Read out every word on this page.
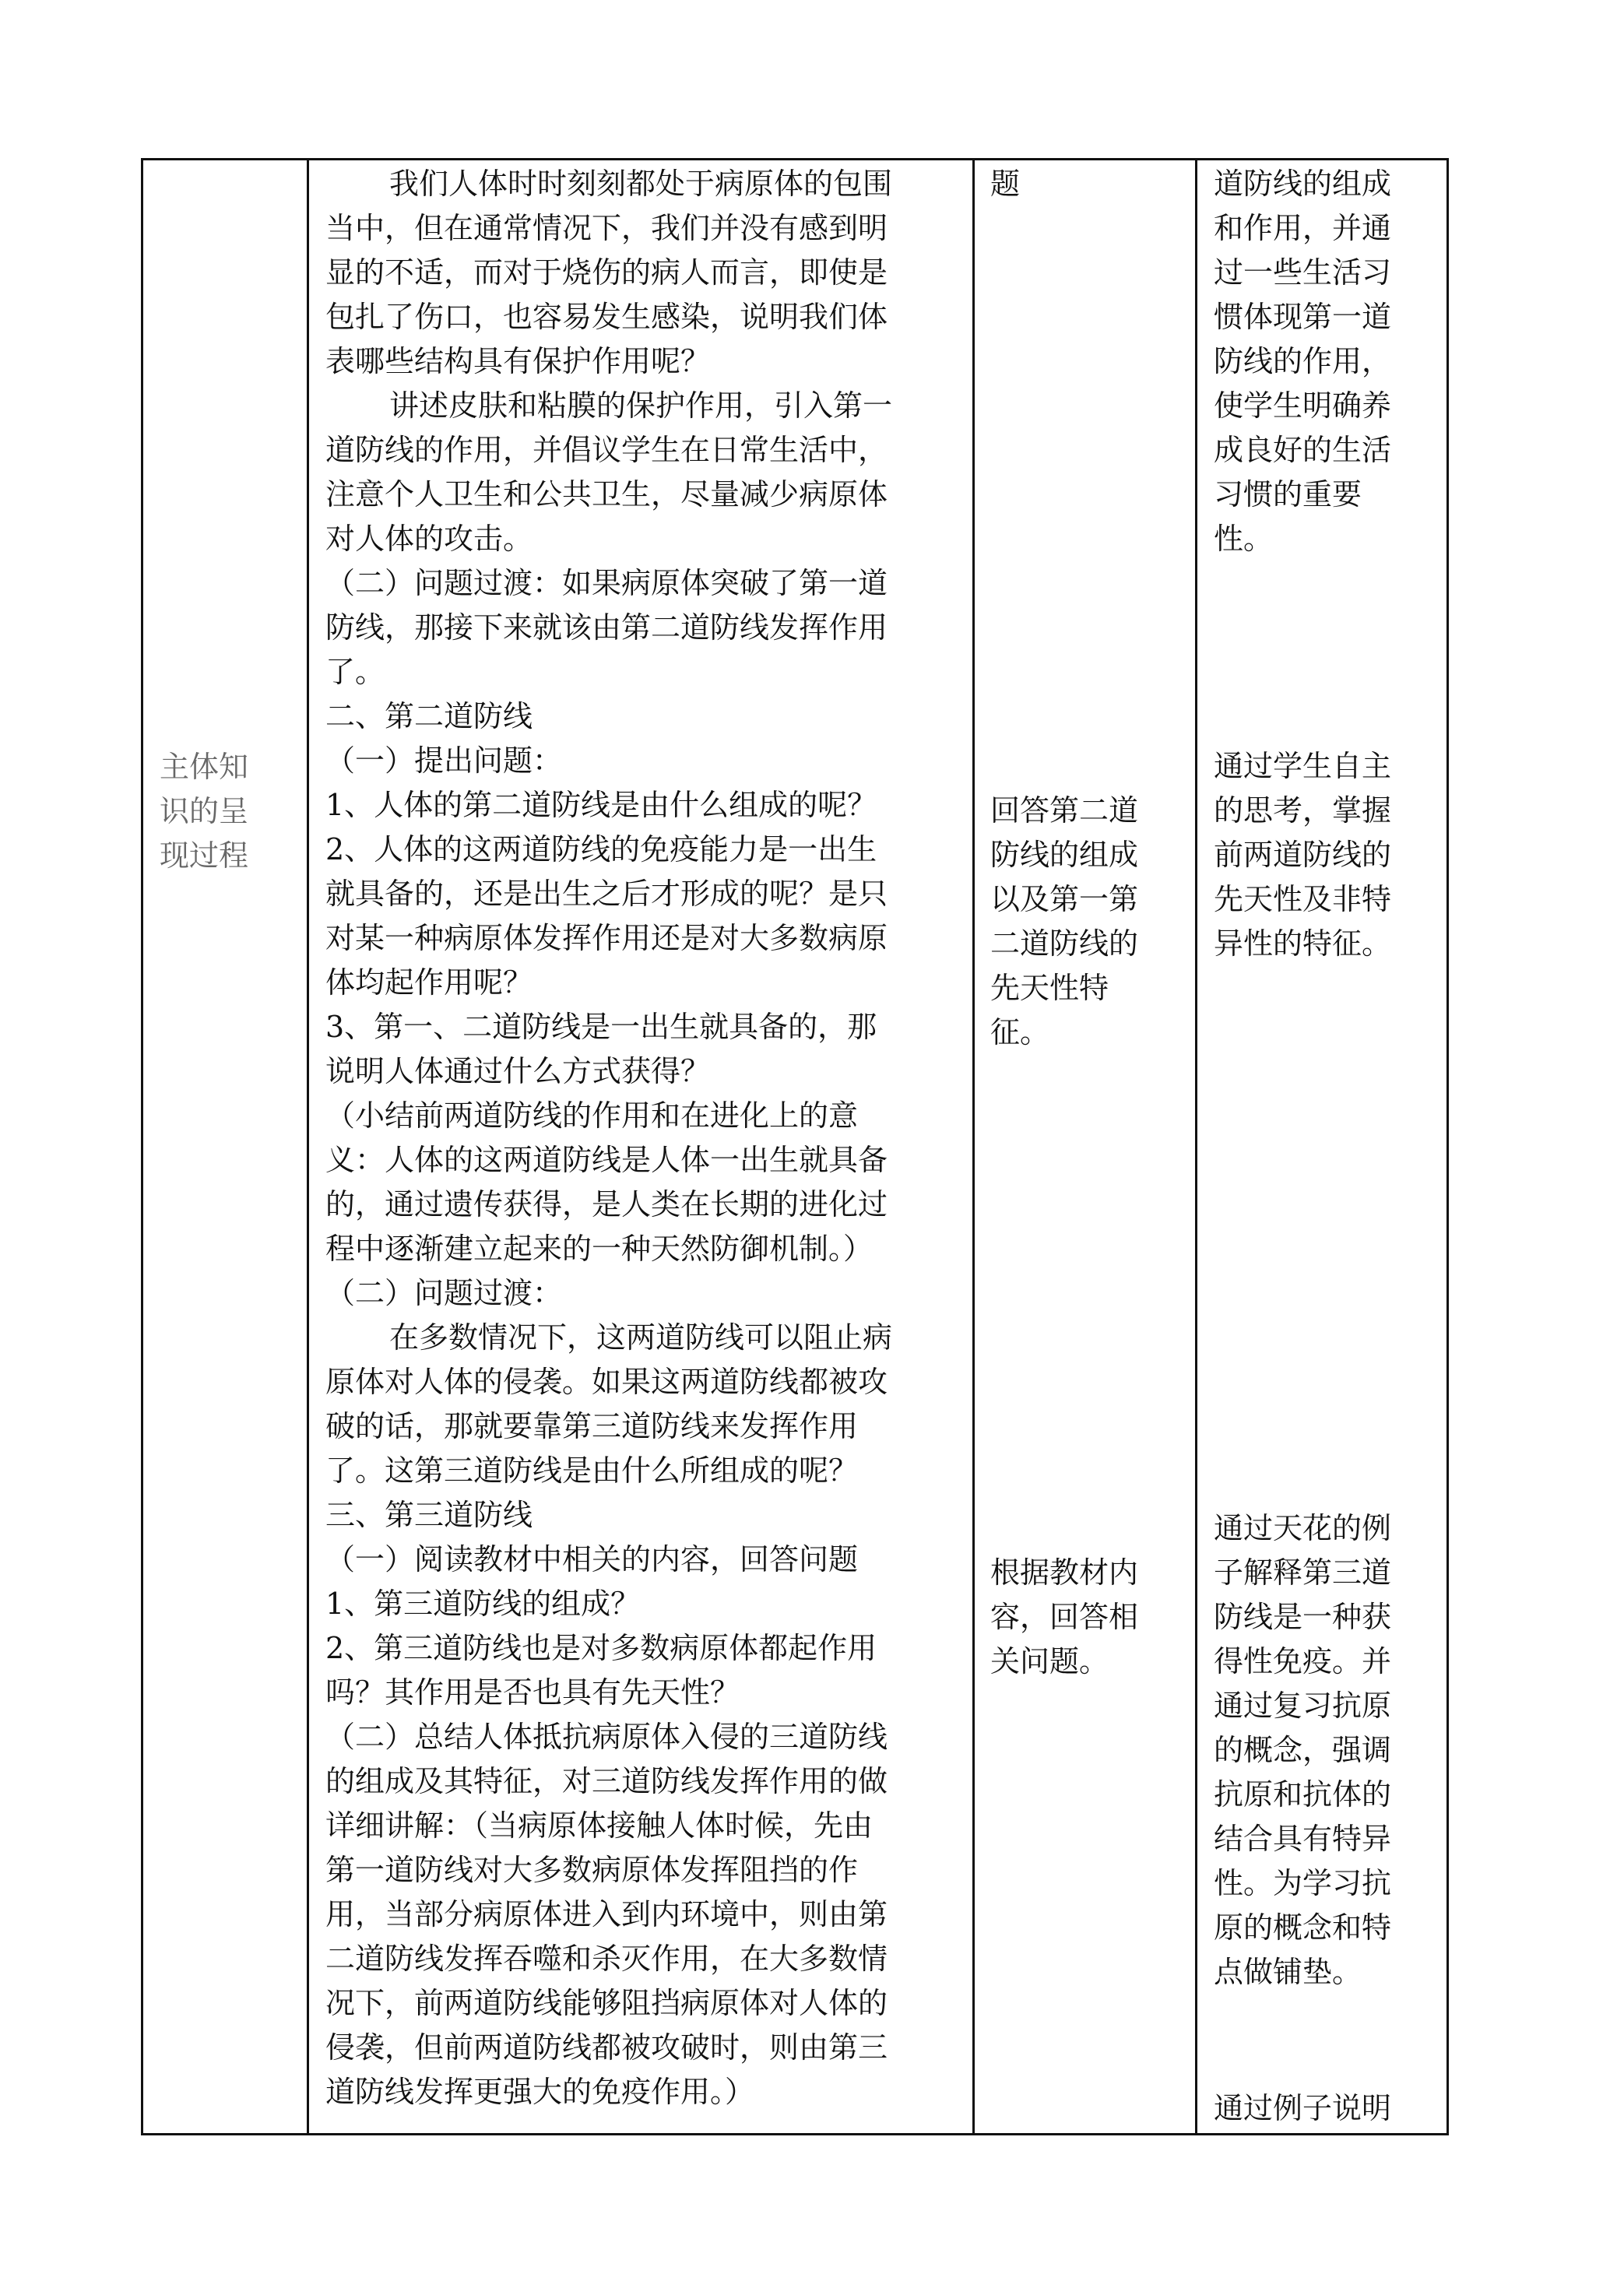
主体知
识的呈
现过程
我们人体时时刻刻都处于病原体的包围
当中，但在通常情况下，我们并没有感到明
显的不适，而对于烧伤的病人而言，即使是
包扎了伤口，也容易发生感染，说明我们体
表哪些结构具有保护作用呢？
讲述皮肤和粘膜的保护作用，引入第一
道防线的作用，并倡议学生在日常生活中，
注意个人卫生和公共卫生，尽量减少病原体
对人体的攻击。
（二）问题过渡：如果病原体突破了第一道
防线，那接下来就该由第二道防线发挥作用
了。
二、第二道防线
（一）提出问题：
1、人体的第二道防线是由什么组成的呢？
2、人体的这两道防线的免疫能力是一出生
就具备的，还是出生之后才形成的呢？是只
对某一种病原体发挥作用还是对大多数病原
体均起作用呢？
3、第一、二道防线是一出生就具备的，那
说明人体通过什么方式获得？
（小结前两道防线的作用和在进化上的意
义：人体的这两道防线是人体一出生就具备
的，通过遗传获得，是人类在长期的进化过
程中逐渐建立起来的一种天然防御机制。）
（二）问题过渡：
在多数情况下，这两道防线可以阻止病
原体对人体的侵袭。如果这两道防线都被攻
破的话，那就要靠第三道防线来发挥作用
了。这第三道防线是由什么所组成的呢？
三、第三道防线
（一）阅读教材中相关的内容，回答问题
1、第三道防线的组成？
2、第三道防线也是对多数病原体都起作用
吗？其作用是否也具有先天性？
（二）总结人体抵抗病原体入侵的三道防线
的组成及其特征，对三道防线发挥作用的做
详细讲解：（当病原体接触人体时候，先由
第一道防线对大多数病原体发挥阻挡的作
用，当部分病原体进入到内环境中，则由第
二道防线发挥吞噬和杀灭作用，在大多数情
况下，前两道防线能够阻挡病原体对人体的
侵袭，但前两道防线都被攻破时，则由第三
道防线发挥更强大的免疫作用。）
题
回答第二道
防线的组成
以及第一第
二道防线的
先天性特
征。
根据教材内
容，回答相
关问题。
道防线的组成
和作用，并通
过一些生活习
惯体现第一道
防线的作用，
使学生明确养
成良好的生活
习惯的重要
性。
通过学生自主
的思考，掌握
前两道防线的
先天性及非特
异性的特征。
通过天花的例
子解释第三道
防线是一种获
得性免疫。并
通过复习抗原
的概念，强调
抗原和抗体的
结合具有特异
性。为学习抗
原的概念和特
点做铺垫。
通过例子说明
